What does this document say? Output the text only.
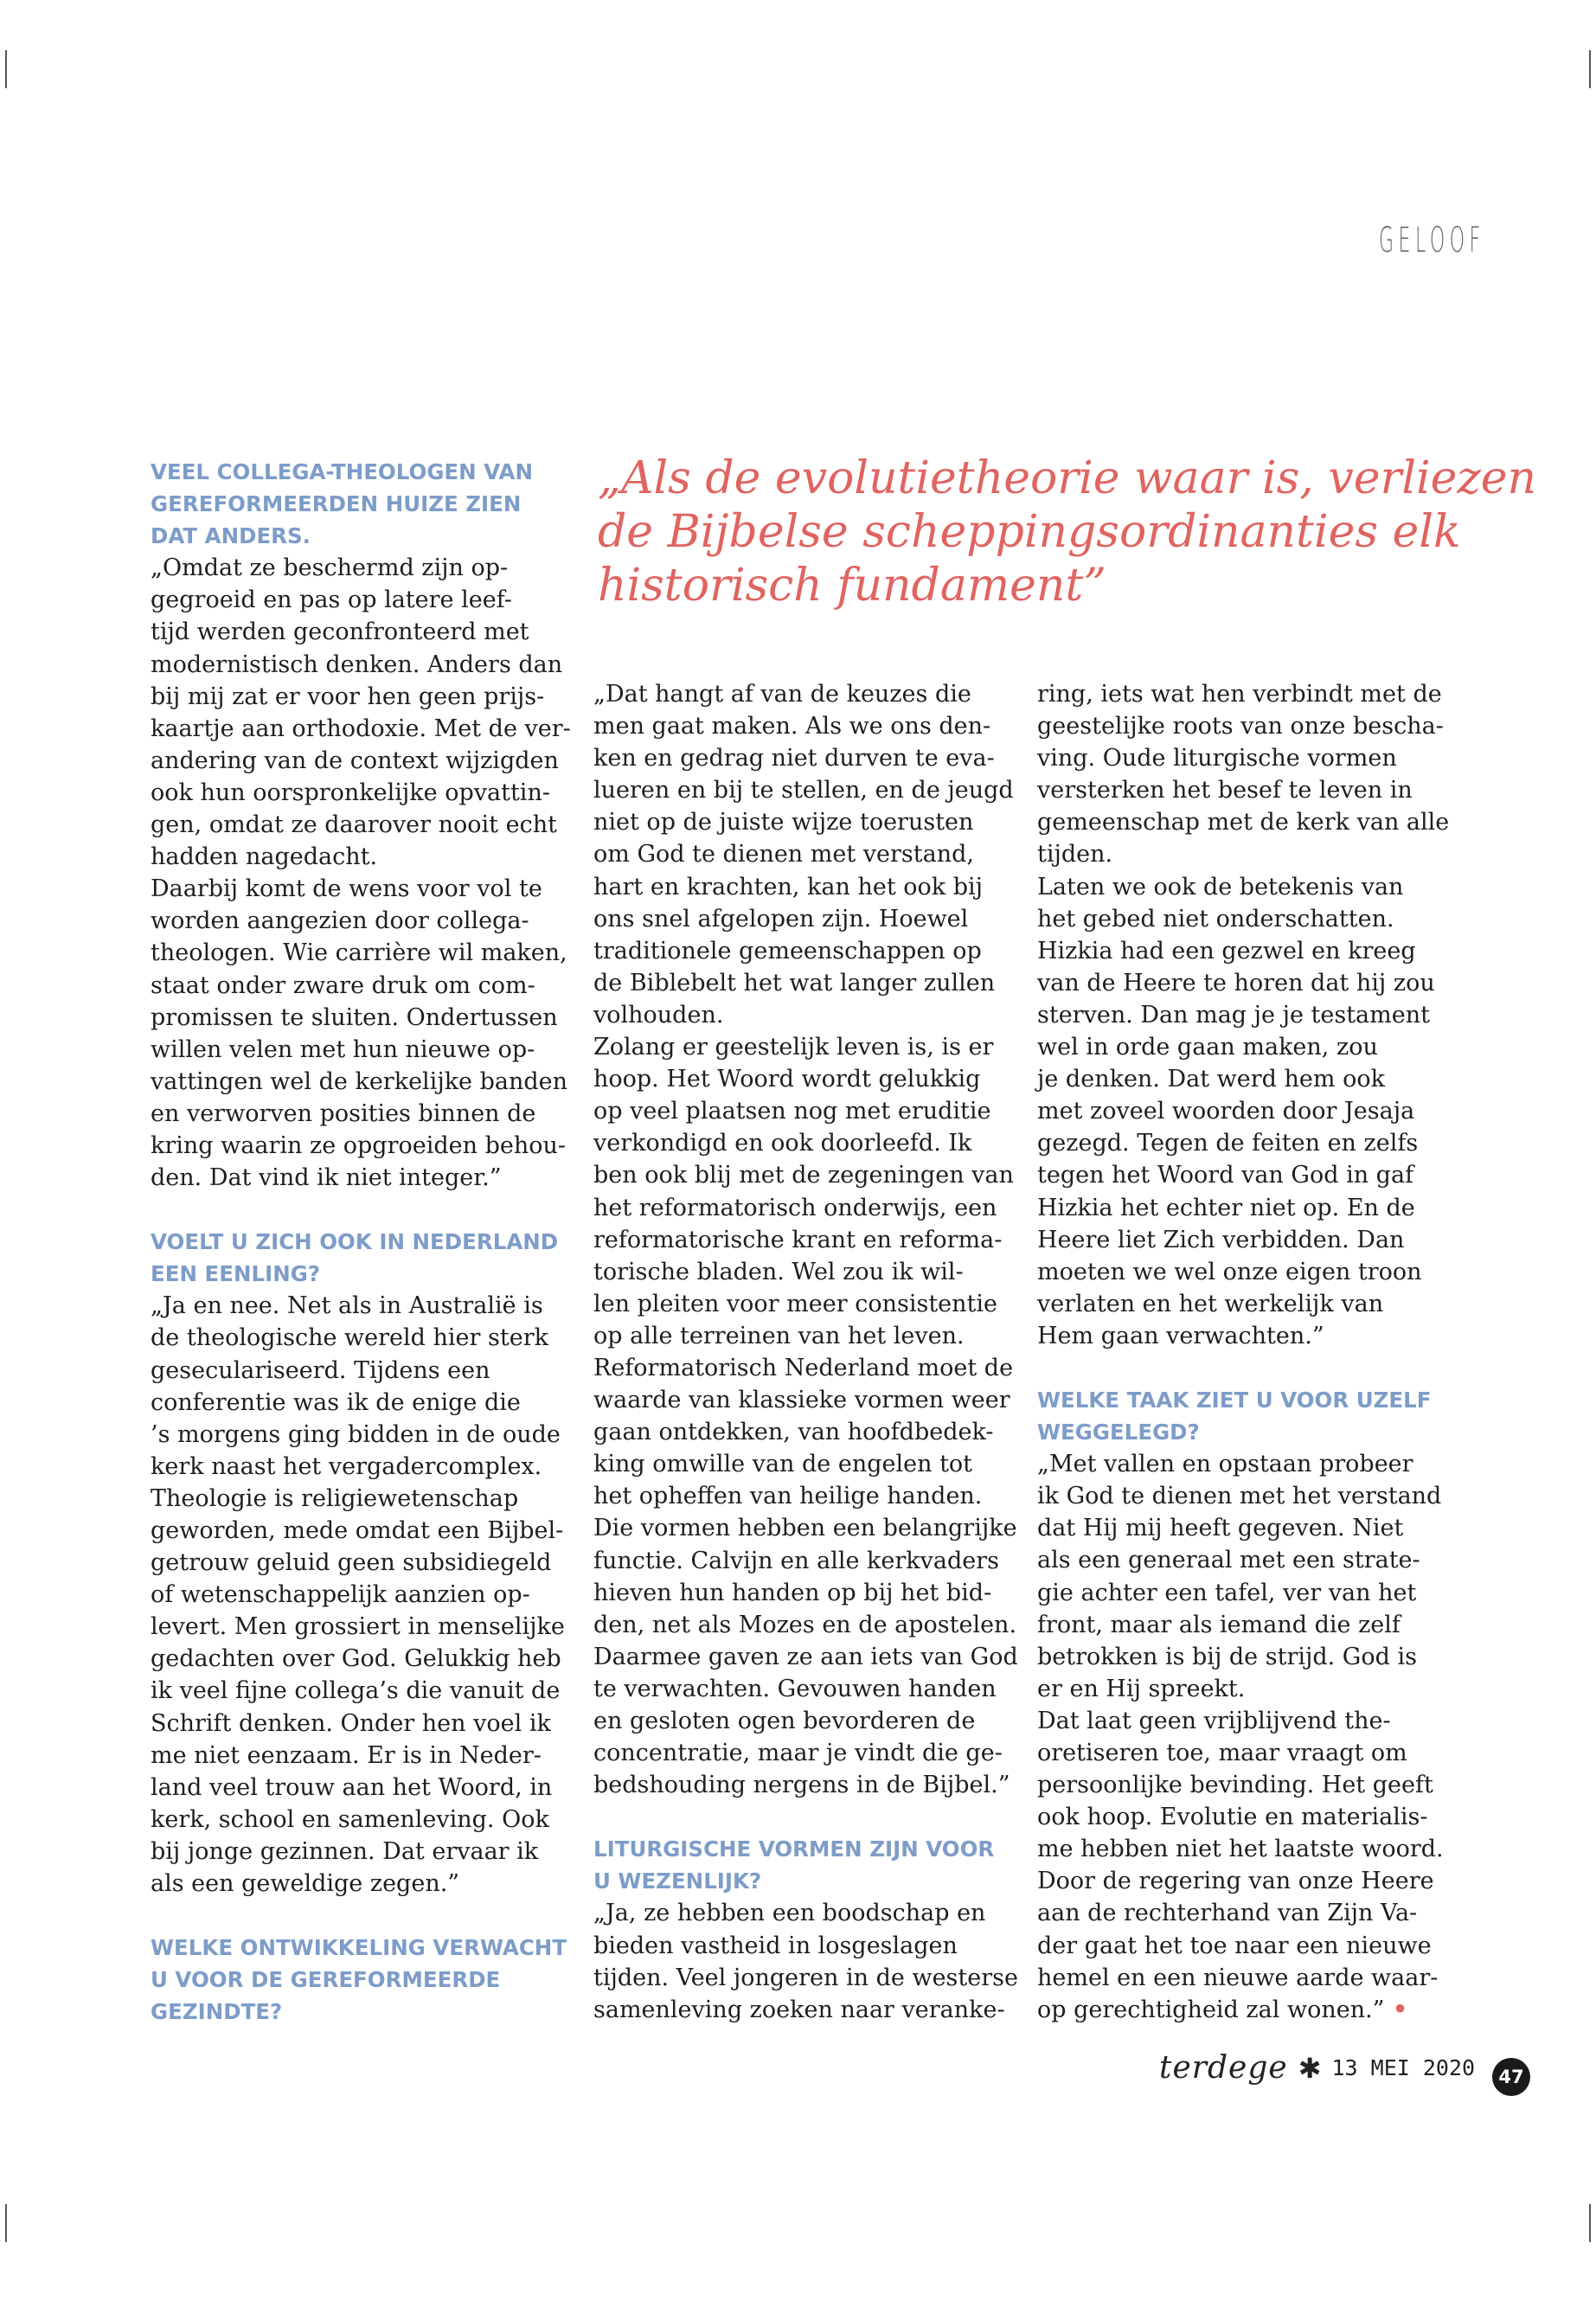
GELOOF
„Als de evolutietheorie waar is, verliezen
de Bijbelse scheppingsordinanties elk
historisch fundament”
VEEL COLLEGA-THEOLOGEN VAN
GEREFORMEERDEN HUIZE ZIEN
DAT ANDERS.
„Omdat ze beschermd zijn op-
gegroeid en pas op latere leef-
tijd werden geconfronteerd met
modernistisch denken. Anders dan
bij mij zat er voor hen geen prijs-
kaartje aan orthodoxie. Met de ver-
andering van de context wijzigden
ook hun oorspronkelijke opvattin-
gen, omdat ze daarover nooit echt
hadden nagedacht.
Daarbij komt de wens voor vol te
worden aangezien door collega-
theologen. Wie carrière wil maken,
staat onder zware druk om com-
promissen te sluiten. Ondertussen
willen velen met hun nieuwe op-
vattingen wel de kerkelijke banden
en verworven posities binnen de
kring waarin ze opgroeiden behou-
den. Dat vind ik niet integer.”
VOELT U ZICH OOK IN NEDERLAND
EEN EENLING?
„Ja en nee. Net als in Australië is
de theologische wereld hier sterk
geseculariseerd. Tijdens een
conferentie was ik de enige die
’s morgens ging bidden in de oude
kerk naast het vergadercomplex.
Theologie is religiewetenschap
geworden, mede omdat een Bijbel-
getrouw geluid geen subsidiegeld
of wetenschappelijk aanzien op-
levert. Men grossiert in menselijke
gedachten over God. Gelukkig heb
ik veel fijne collega’s die vanuit de
Schrift denken. Onder hen voel ik
me niet eenzaam. Er is in Neder-
land veel trouw aan het Woord, in
kerk, school en samenleving. Ook
bij jonge gezinnen. Dat ervaar ik
als een geweldige zegen.”
WELKE ONTWIKKELING VERWACHT
U VOOR DE GEREFORMEERDE
GEZINDTE?
„Dat hangt af van de keuzes die
men gaat maken. Als we ons den-
ken en gedrag niet durven te eva-
lueren en bij te stellen, en de jeugd
niet op de juiste wijze toerusten
om God te dienen met verstand,
hart en krachten, kan het ook bij
ons snel afgelopen zijn. Hoewel
traditionele gemeenschappen op
de Biblebelt het wat langer zullen
volhouden.
Zolang er geestelijk leven is, is er
hoop. Het Woord wordt gelukkig
op veel plaatsen nog met eruditie
verkondigd en ook doorleefd. Ik
ben ook blij met de zegeningen van
het reformatorisch onderwijs, een
reformatorische krant en reforma-
torische bladen. Wel zou ik wil-
len pleiten voor meer consistentie
op alle terreinen van het leven.
Reformatorisch Nederland moet de
waarde van klassieke vormen weer
gaan ontdekken, van hoofdbedek-
king omwille van de engelen tot
het opheffen van heilige handen.
Die vormen hebben een belangrijke
functie. Calvijn en alle kerkvaders
hieven hun handen op bij het bid-
den, net als Mozes en de apostelen.
Daarmee gaven ze aan iets van God
te verwachten. Gevouwen handen
en gesloten ogen bevorderen de
concentratie, maar je vindt die ge-
bedshouding nergens in de Bijbel.”
LITURGISCHE VORMEN ZIJN VOOR
U WEZENLIJK?
„Ja, ze hebben een boodschap en
bieden vastheid in losgeslagen
tijden. Veel jongeren in de westerse
samenleving zoeken naar veranke-
ring, iets wat hen verbindt met de
geestelijke roots van onze bescha-
ving. Oude liturgische vormen
versterken het besef te leven in
gemeenschap met de kerk van alle
tijden.
Laten we ook de betekenis van
het gebed niet onderschatten.
Hizkia had een gezwel en kreeg
van de Heere te horen dat hij zou
sterven. Dan mag je je testament
wel in orde gaan maken, zou
je denken. Dat werd hem ook
met zoveel woorden door Jesaja
gezegd. Tegen de feiten en zelfs
tegen het Woord van God in gaf
Hizkia het echter niet op. En de
Heere liet Zich verbidden. Dan
moeten we wel onze eigen troon
verlaten en het werkelijk van
Hem gaan verwachten.”
WELKE TAAK ZIET U VOOR UZELF
WEGGELEGD?
„Met vallen en opstaan probeer
ik God te dienen met het verstand
dat Hij mij heeft gegeven. Niet
als een generaal met een strate-
gie achter een tafel, ver van het
front, maar als iemand die zelf
betrokken is bij de strijd. God is
er en Hij spreekt.
Dat laat geen vrijblijvend the-
oretiseren toe, maar vraagt om
persoonlijke bevinding. Het geeft
ook hoop. Evolutie en materialis-
me hebben niet het laatste woord.
Door de regering van onze Heere
aan de rechterhand van Zijn Va-
der gaat het toe naar een nieuwe
hemel en een nieuwe aarde waar-
op gerechtigheid zal wonen.” •
terdege ✱ 13 MEI 2020	47
